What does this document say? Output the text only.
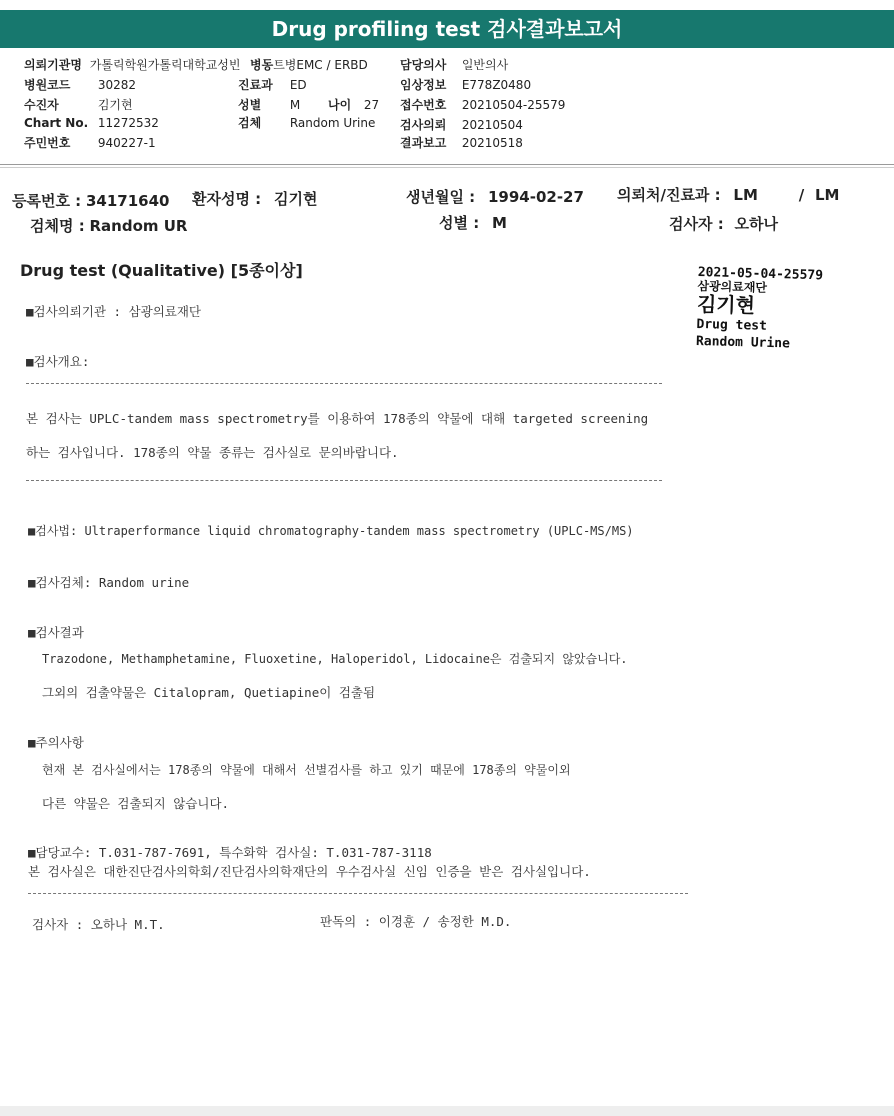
Drug profiling test 검사결과보고서
의뢰기관명 가톨릭학원가톨릭대학교성빈
병원코드 30282
수진자	김기현
Chart No. 11272532
주민번호 940227-1
병동트병EMC / ERBD
진료과 ED
성별 M 나이 27
검체 Random Urine
담당의사 일반의사
임상정보 E778Z0480
접수번호 20210504-25579
검사의뢰 20210504
결과보고 20210518
등록번호 : 34171640 환자성명 : 김기현	생년월일 : 1994-02-27 의뢰처/진료과 : LM	/ LM
검체명 : Random UR	성별 : M	검사자 : 오하나
2021-05-04-25579
삼광의료재단
김기현
Drug test
Random Urine
Drug test (Qualitative) [5종이상]
■검사의뢰기관 : 삼광의료재단
■검사개요:
본 검사는 UPLC-tandem mass spectrometry를 이용하여 178종의 약물에 대해 targeted screening
하는 검사입니다. 178종의 약물 종류는 검사실로 문의바랍니다.
■검사법: Ultraperformance liquid chromatography-tandem mass spectrometry (UPLC-MS/MS)
■검사검체: Random urine
■검사결과
Trazodone, Methamphetamine, Fluoxetine, Haloperidol, Lidocaine은 검출되지 않았습니다.
그외의 검출약물은 Citalopram, Quetiapine이 검출됨
■주의사항
현재 본 검사실에서는 178종의 약물에 대해서 선별검사를 하고 있기 때문에 178종의 약물이외
다른 약물은 검출되지 않습니다.
■담당교수: T.031-787-7691, 특수화학 검사실: T.031-787-3118
본 검사실은 대한진단검사의학회/진단검사의학재단의 우수검사실 신임 인증을 받은 검사실입니다.
검사자 : 오하나 M.T.	판독의 : 이경훈 / 송정한 M.D.
